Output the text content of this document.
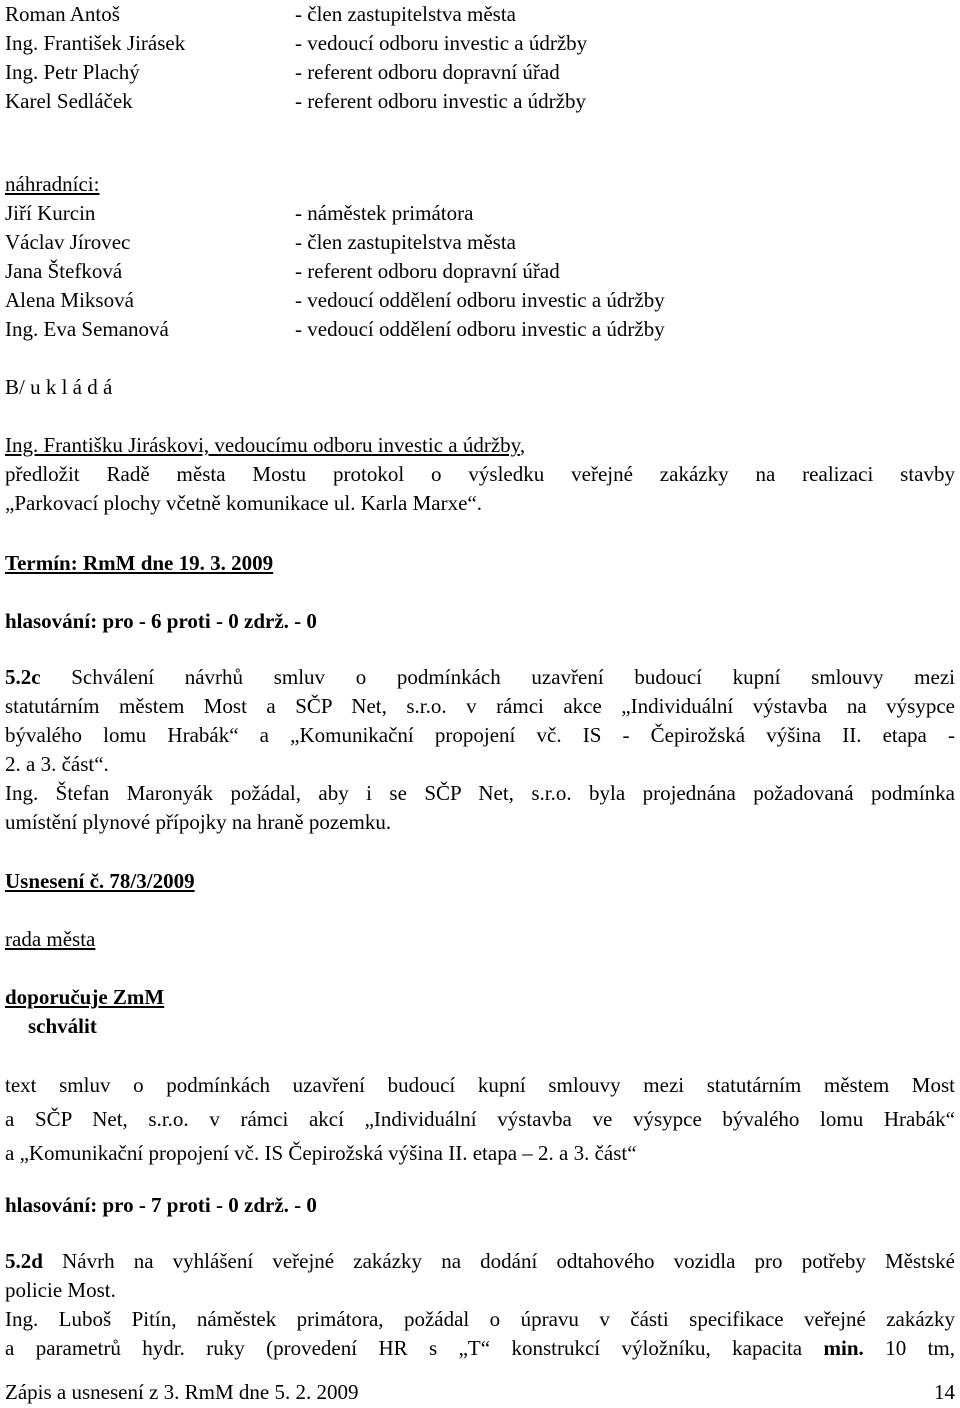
Roman Antoš	- člen zastupitelstva města
Ing. František Jirásek	- vedoucí odboru investic a údržby
Ing. Petr Plachý	- referent odboru dopravní úřad
Karel Sedláček	- referent odboru investic a údržby
náhradníci:
Jiří Kurcin	- náměstek primátora
Václav Jírovec	- člen zastupitelstva města
Jana Štefková	- referent odboru dopravní úřad
Alena Miksová	- vedoucí oddělení odboru investic a údržby
Ing. Eva Semanová	- vedoucí oddělení odboru investic a údržby
B/ u k l á d á
Ing. Františku Jiráskovi, vedoucímu odboru investic a údržby,
předložit Radě města Mostu protokol o výsledku veřejné zakázky na realizaci stavby
„Parkovací plochy včetně komunikace ul. Karla Marxe“.
Termín: RmM dne 19. 3. 2009
hlasování: pro - 6 proti - 0 zdrž. - 0
5.2c Schválení návrhů smluv o podmínkách uzavření budoucí kupní smlouvy mezi
statutárním městem Most a SČP Net, s.r.o. v rámci akce „Individuální výstavba na výsypce
bývalého lomu Hrabák“ a „Komunikační propojení vč. IS - Čepirožská výšina II. etapa -
2. a 3. část“.
Ing. Štefan Maronyák požádal, aby i se SČP Net, s.r.o. byla projednána požadovaná podmínka
umístění plynové přípojky na hraně pozemku.
Usnesení č. 78/3/2009
rada města
doporučuje ZmM
schválit
text smluv o podmínkách uzavření budoucí kupní smlouvy mezi statutárním městem Most
a SČP Net, s.r.o. v rámci akcí „Individuální výstavba ve výsypce bývalého lomu Hrabák“
a „Komunikační propojení vč. IS Čepirožská výšina II. etapa – 2. a 3. část“
hlasování: pro - 7 proti - 0 zdrž. - 0
5.2d Návrh na vyhlášení veřejné zakázky na dodání odtahového vozidla pro potřeby Městské
policie Most.
Ing. Luboš Pitín, náměstek primátora, požádal o úpravu v části specifikace veřejné zakázky
a parametrů hydr. ruky (provedení HR s „T“ konstrukcí výložníku, kapacita min. 10 tm,
Zápis a usnesení z 3. RmM dne 5. 2. 2009	14
